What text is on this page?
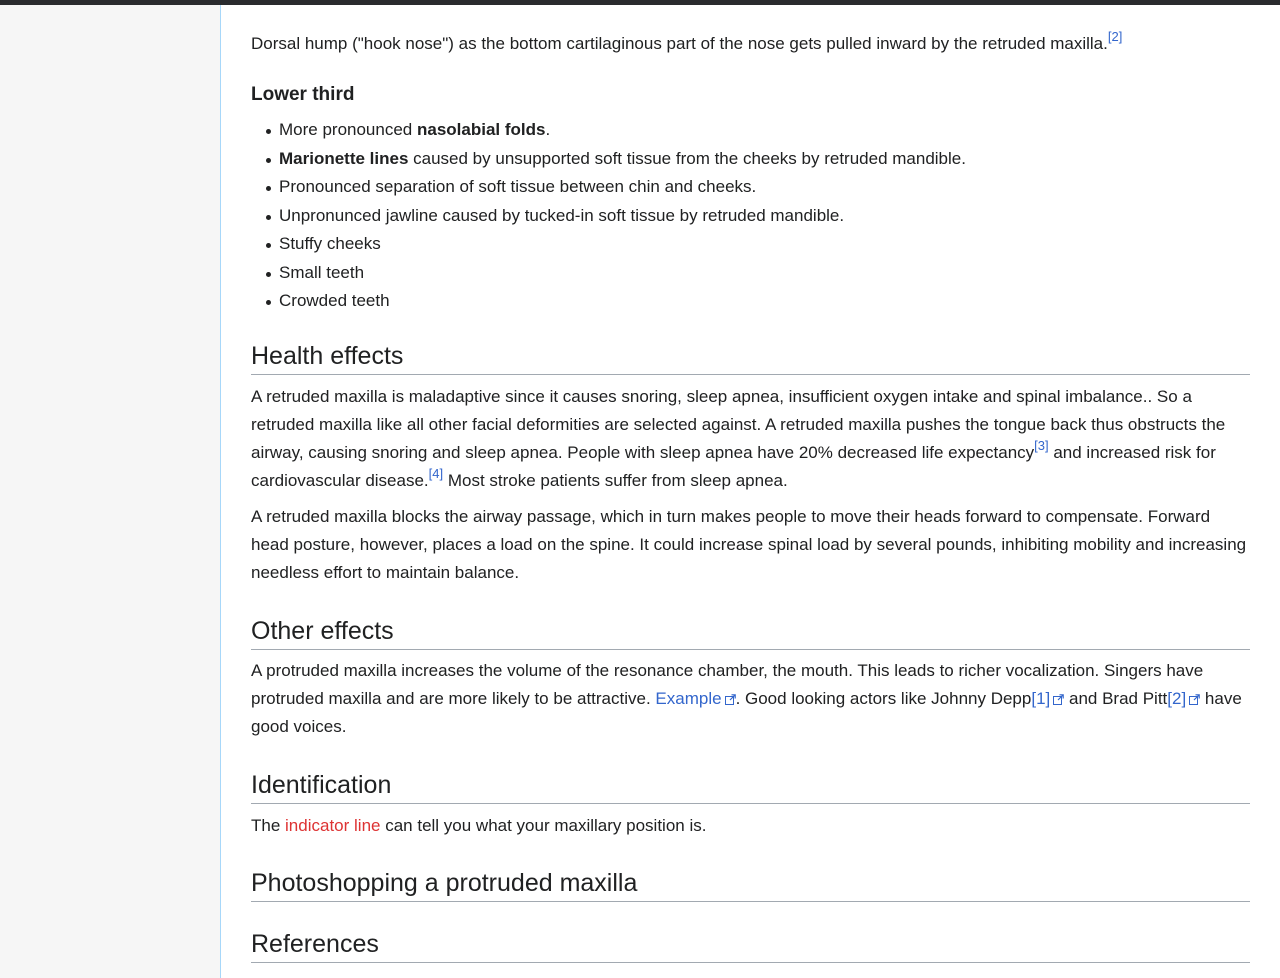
Dorsal hump ("hook nose") as the bottom cartilaginous part of the nose gets pulled inward by the retruded maxilla.[2]

Lower third
More pronounced nasolabial folds.
Marionette lines caused by unsupported soft tissue from the cheeks by retruded mandible.
Pronounced separation of soft tissue between chin and cheeks.
Unpronunced jawline caused by tucked-in soft tissue by retruded mandible.
Stuffy cheeks
Small teeth
Crowded teeth
Health effects

A retruded maxilla is maladaptive since it causes snoring, sleep apnea, insufficient oxygen intake and spinal imbalance.. So a retruded maxilla like all other facial deformities are selected against. A retruded maxilla pushes the tongue back thus obstructs the airway, causing snoring and sleep apnea. People with sleep apnea have 20% decreased life expectancy[3] and increased risk for cardiovascular disease.[4] Most stroke patients suffer from sleep apnea.

A retruded maxilla blocks the airway passage, which in turn makes people to move their heads forward to compensate. Forward head posture, however, places a load on the spine. It could increase spinal load by several pounds, inhibiting mobility and increasing needless effort to maintain balance.

Other effects

A protruded maxilla increases the volume of the resonance chamber, the mouth. This leads to richer vocalization. Singers have protruded maxilla and are more likely to be attractive. Example . Good looking actors like Johnny Depp[1]
and Brad Pitt[2]
have good voices.

Identification

The indicator line can tell you what your maxillary position is.

Photoshopping a protruded maxilla
References
